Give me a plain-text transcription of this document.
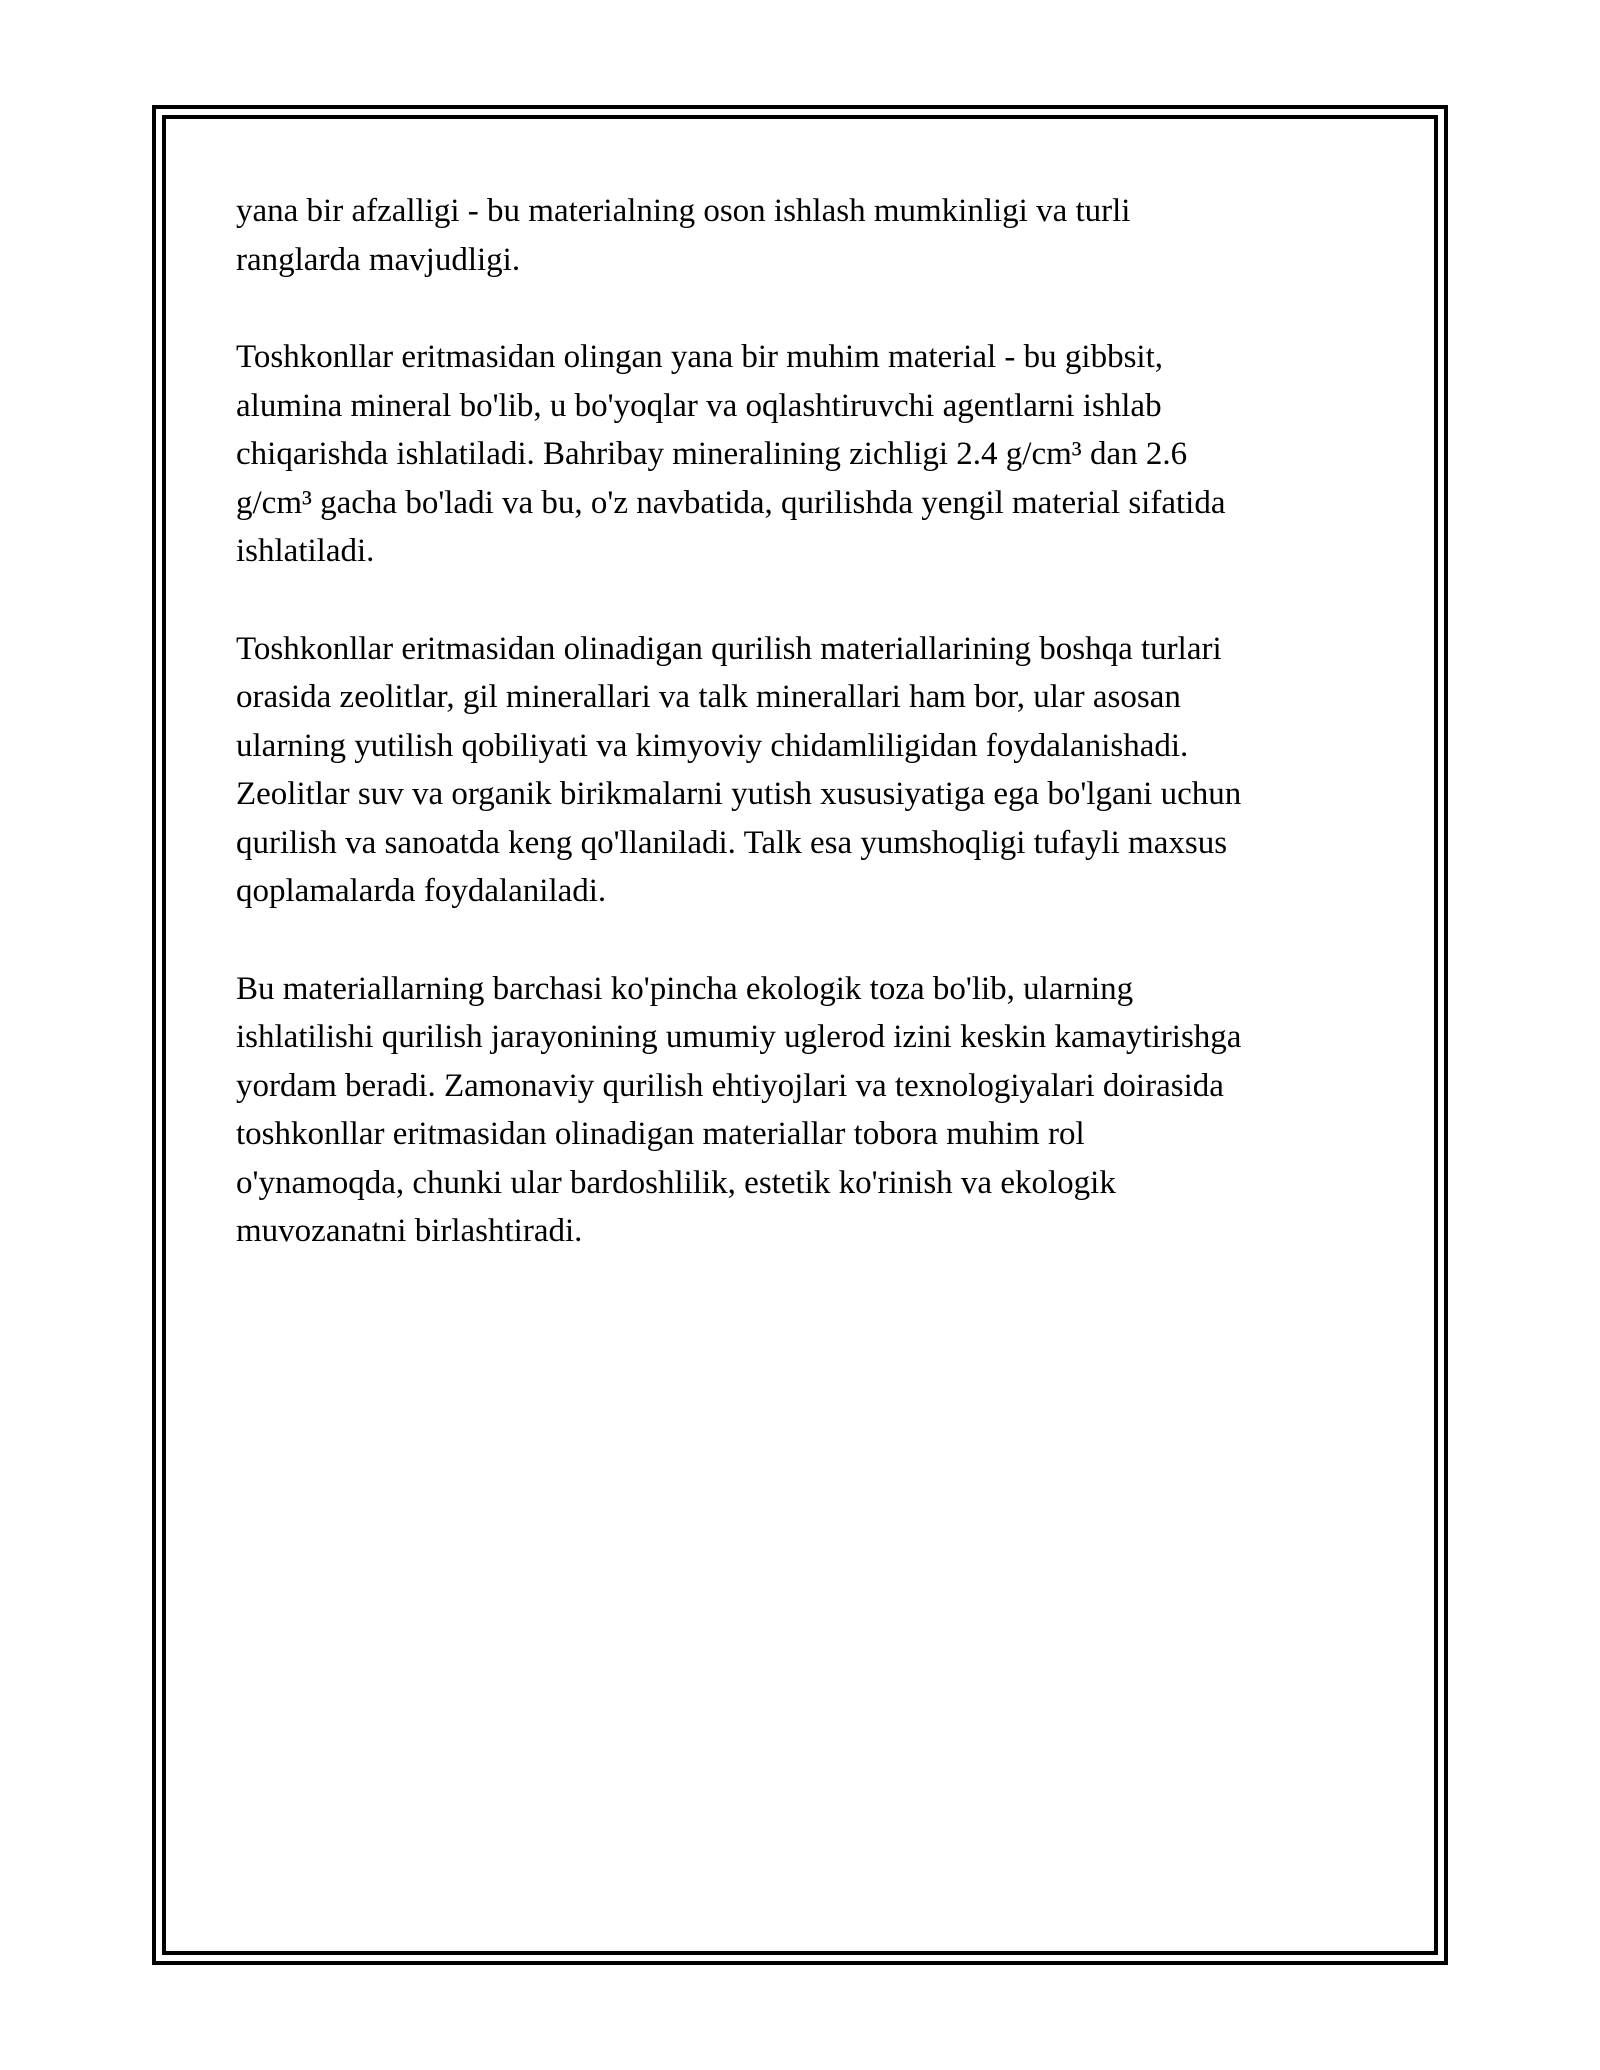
yana bir afzalligi - bu materialning oson ishlash mumkinligi va turli
ranglarda mavjudligi.

Toshkonllar eritmasidan olingan yana bir muhim material - bu gibbsit,
alumina mineral bo'lib, u bo'yoqlar va oqlashtiruvchi agentlarni ishlab
chiqarishda ishlatiladi. Bahribay mineralining zichligi 2.4 g/cm³ dan 2.6
g/cm³ gacha bo'ladi va bu, o'z navbatida, qurilishda yengil material sifatida
ishlatiladi.

Toshkonllar eritmasidan olinadigan qurilish materiallarining boshqa turlari
orasida zeolitlar, gil minerallari va talk minerallari ham bor, ular asosan
ularning yutilish qobiliyati va kimyoviy chidamliligidan foydalanishadi.
Zeolitlar suv va organik birikmalarni yutish xususiyatiga ega bo'lgani uchun
qurilish va sanoatda keng qo'llaniladi. Talk esa yumshoqligi tufayli maxsus
qoplamalarda foydalaniladi.

Bu materiallarning barchasi ko'pincha ekologik toza bo'lib, ularning
ishlatilishi qurilish jarayonining umumiy uglerod izini keskin kamaytirishga
yordam beradi. Zamonaviy qurilish ehtiyojlari va texnologiyalari doirasida
toshkonllar eritmasidan olinadigan materiallar tobora muhim rol
o'ynamoqda, chunki ular bardoshlilik, estetik ko'rinish va ekologik
muvozanatni birlashtiradi.
